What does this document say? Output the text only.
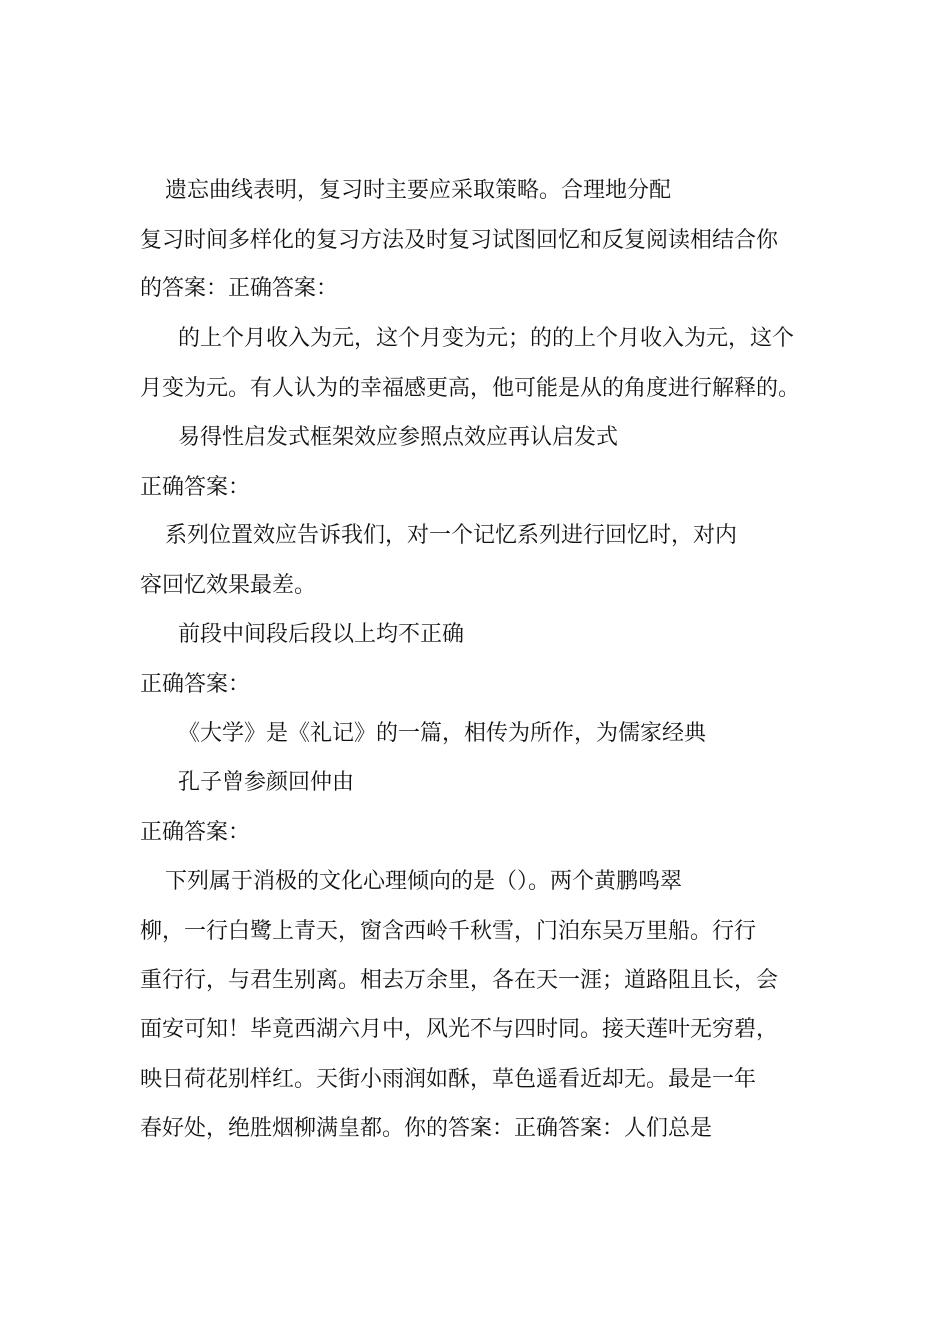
遗忘曲线表明，复习时主要应采取策略。合理地分配
复习时间多样化的复习方法及时复习试图回忆和反复阅读相结合你
的答案：正确答案：
的上个月收入为元，这个月变为元；的的上个月收入为元，这个
月变为元。有人认为的幸福感更高，他可能是从的角度进行解释的。
易得性启发式框架效应参照点效应再认启发式
正确答案：
系列位置效应告诉我们，对一个记忆系列进行回忆时，对内
容回忆效果最差。
前段中间段后段以上均不正确
正确答案：
《大学》是《礼记》的一篇，相传为所作，为儒家经典
孔子曾参颜回仲由
正确答案：
下列属于消极的文化心理倾向的是（）。两个黄鹏鸣翠
柳，一行白鹭上青天，窗含西岭千秋雪，门泊东吴万里船。行行
重行行，与君生别离。相去万余里，各在天一涯；道路阻且长，会
面安可知！毕竟西湖六月中，风光不与四时同。接天莲叶无穷碧，
映日荷花别样红。天街小雨润如酥，草色遥看近却无。最是一年
春好处，绝胜烟柳满皇都。你的答案：正确答案：人们总是
